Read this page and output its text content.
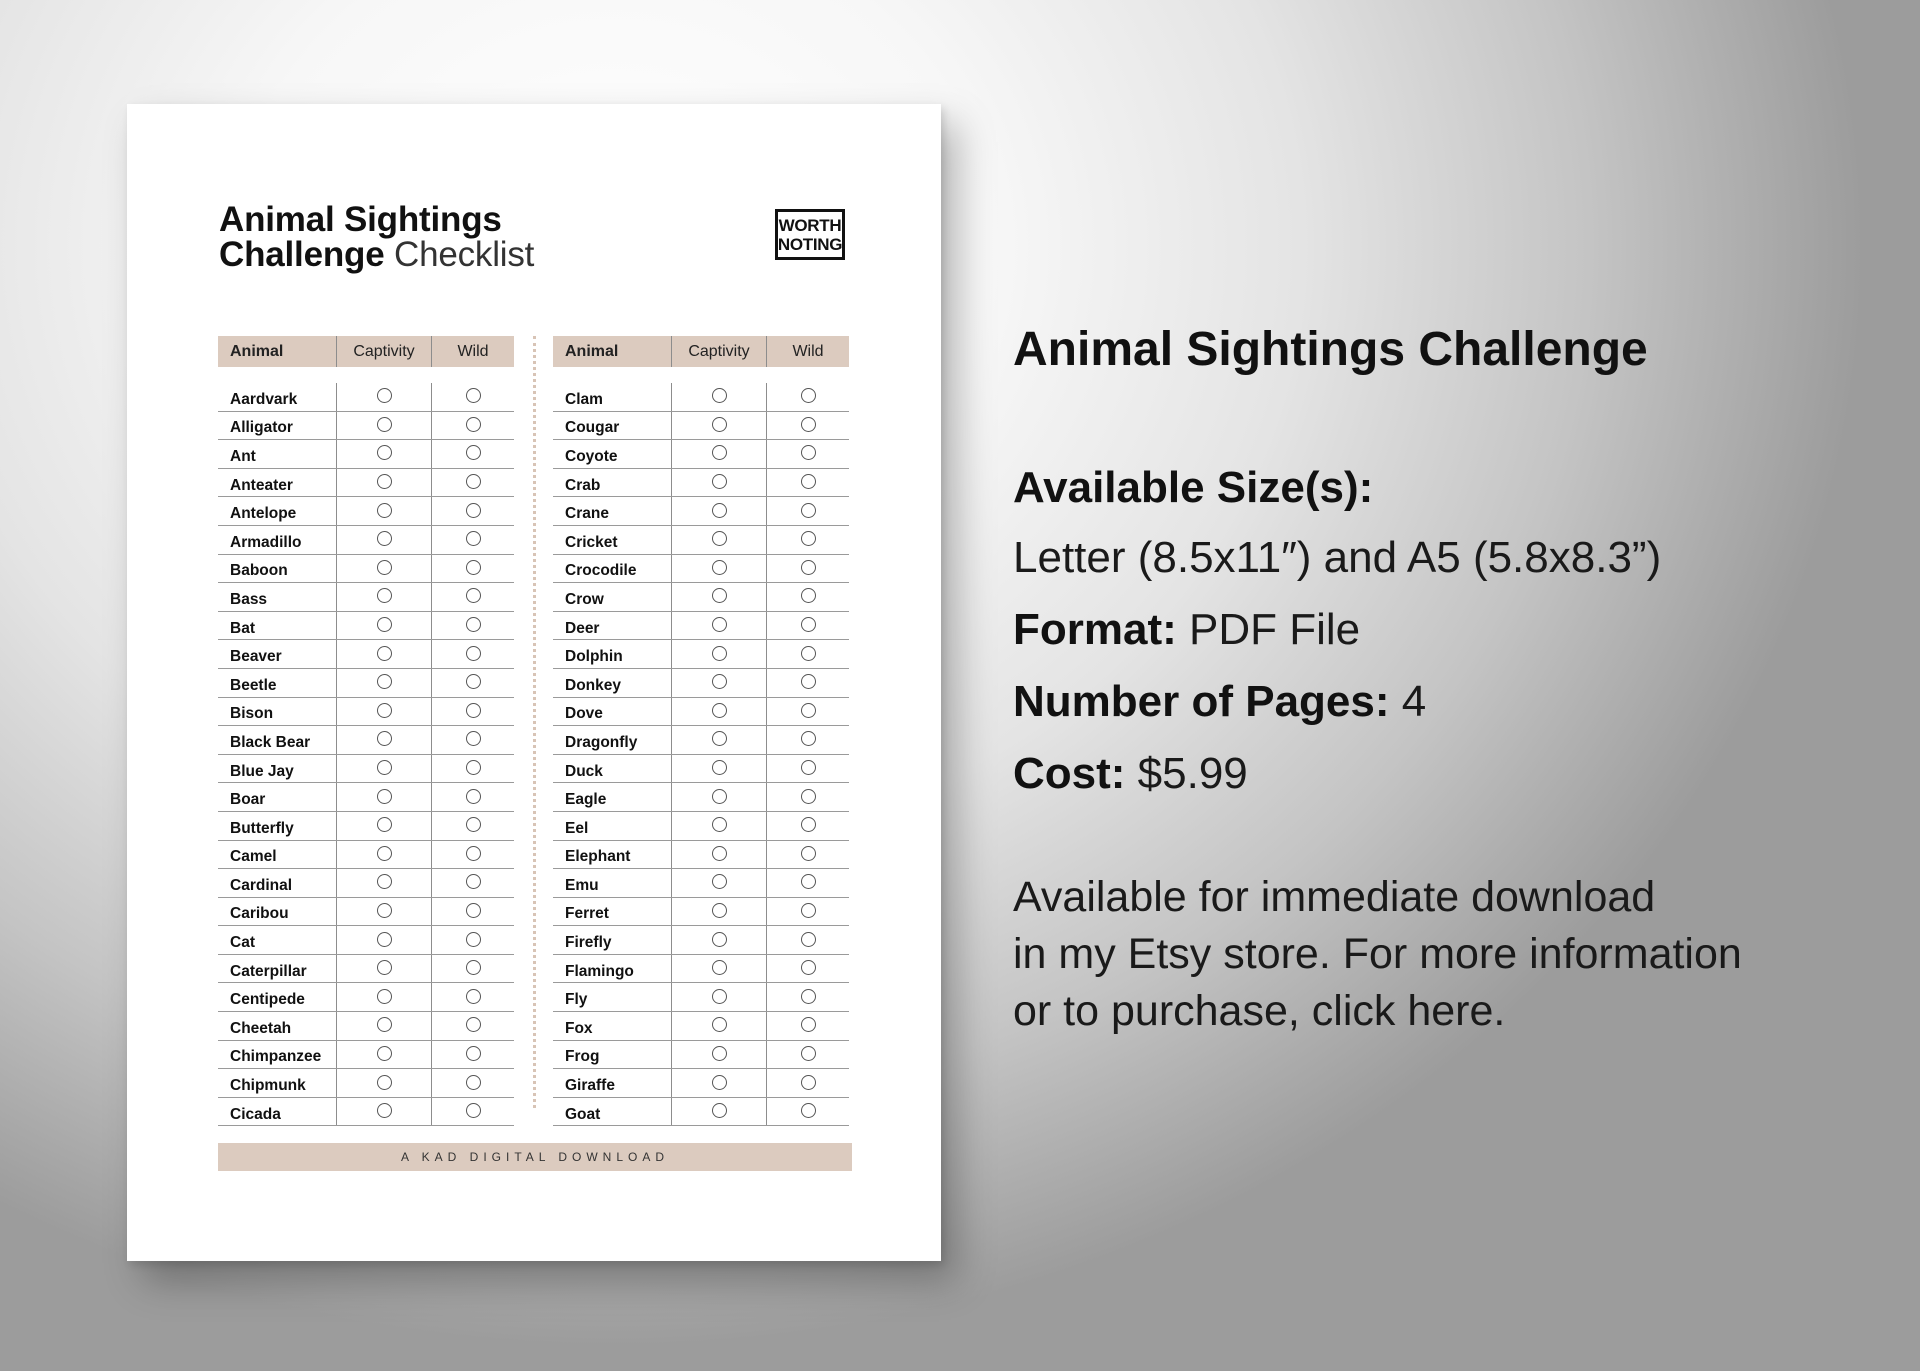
Animal Sightings
Challenge Checklist
WORTH
NOTING
Animal	Captivity	Wild
Aardvark
Alligator
Ant
Anteater
Antelope
Armadillo
Baboon
Bass
Bat
Beaver
Beetle
Bison
Black Bear
Blue Jay
Boar
Butterfly
Camel
Cardinal
Caribou
Cat
Caterpillar
Centipede
Cheetah
Chimpanzee
Chipmunk
Cicada
Animal	Captivity	Wild
Clam
Cougar
Coyote
Crab
Crane
Cricket
Crocodile
Crow
Deer
Dolphin
Donkey
Dove
Dragonfly
Duck
Eagle
Eel
Elephant
Emu
Ferret
Firefly
Flamingo
Fly
Fox
Frog
Giraffe
Goat
A KAD DIGITAL DOWNLOAD
Animal Sightings Challenge
Available Size(s):
Letter (8.5x11″) and A5 (5.8x8.3”)
Format: PDF File
Number of Pages: 4
Cost: $5.99
Available for immediate download
in my Etsy store. For more information
or to purchase, click here.
